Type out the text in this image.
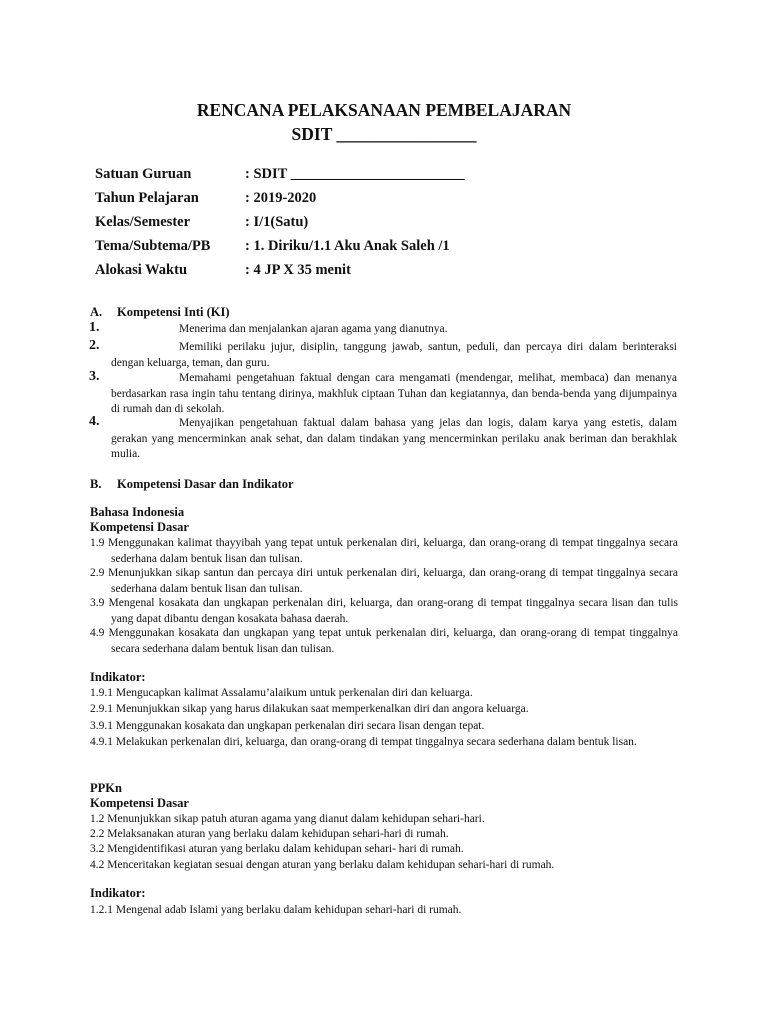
RENCANA PELAKSANAAN PEMBELAJARAN
SDIT ________________
Satuan Guruan	: SDIT ________________________
Tahun Pelajaran	: 2019-2020
Kelas/Semester	: I/1(Satu)
Tema/Subtema/PB : 1. Diriku/1.1 Aku Anak Saleh /1
Alokasi Waktu	: 4 JP X 35 menit
A. Kompetensi Inti (KI)
1.	Menerima dan menjalankan ajaran agama yang dianutnya.
2.	Memiliki perilaku jujur, disiplin, tanggung jawab, santun, peduli, dan percaya diri dalam berinteraksi dengan keluarga, teman, dan guru.
3.	Memahami pengetahuan faktual dengan cara mengamati (mendengar, melihat, membaca) dan menanya berdasarkan rasa ingin tahu tentang dirinya, makhluk ciptaan Tuhan dan kegiatannya, dan benda-benda yang dijumpainya di rumah dan di sekolah.
4.	Menyajikan pengetahuan faktual dalam bahasa yang jelas dan logis, dalam karya yang estetis, dalam gerakan yang mencerminkan anak sehat, dan dalam tindakan yang mencerminkan perilaku anak beriman dan berakhlak mulia.
B. Kompetensi Dasar dan Indikator
Bahasa Indonesia
Kompetensi Dasar
1.9 Menggunakan kalimat thayyibah yang tepat untuk perkenalan diri, keluarga, dan orang-orang di tempat tinggalnya secara sederhana dalam bentuk lisan dan tulisan.
2.9 Menunjukkan sikap santun dan percaya diri untuk perkenalan diri, keluarga, dan orang-orang di tempat tinggalnya secara sederhana dalam bentuk lisan dan tulisan.
3.9 Mengenal kosakata dan ungkapan perkenalan diri, keluarga, dan orang-orang di tempat tinggalnya secara lisan dan tulis yang dapat dibantu dengan kosakata bahasa daerah.
4.9 Menggunakan kosakata dan ungkapan yang tepat untuk perkenalan diri, keluarga, dan orang-orang di tempat tinggalnya secara sederhana dalam bentuk lisan dan tulisan.
Indikator:
1.9.1 Mengucapkan kalimat Assalamu’alaikum untuk perkenalan diri dan keluarga.
2.9.1 Menunjukkan sikap yang harus dilakukan saat memperkenalkan diri dan angora keluarga.
3.9.1 Menggunakan kosakata dan ungkapan perkenalan diri secara lisan dengan tepat.
4.9.1 Melakukan perkenalan diri, keluarga, dan orang-orang di tempat tinggalnya secara sederhana dalam bentuk lisan.
PPKn
Kompetensi Dasar
1.2 Menunjukkan sikap patuh aturan agama yang dianut dalam kehidupan sehari-hari.
2.2 Melaksanakan aturan yang berlaku dalam kehidupan sehari-hari di rumah.
3.2 Mengidentifikasi aturan yang berlaku dalam kehidupan sehari- hari di rumah.
4.2 Menceritakan kegiatan sesuai dengan aturan yang berlaku dalam kehidupan sehari-hari di rumah.
Indikator:
1.2.1 Mengenal adab Islami yang berlaku dalam kehidupan sehari-hari di rumah.
